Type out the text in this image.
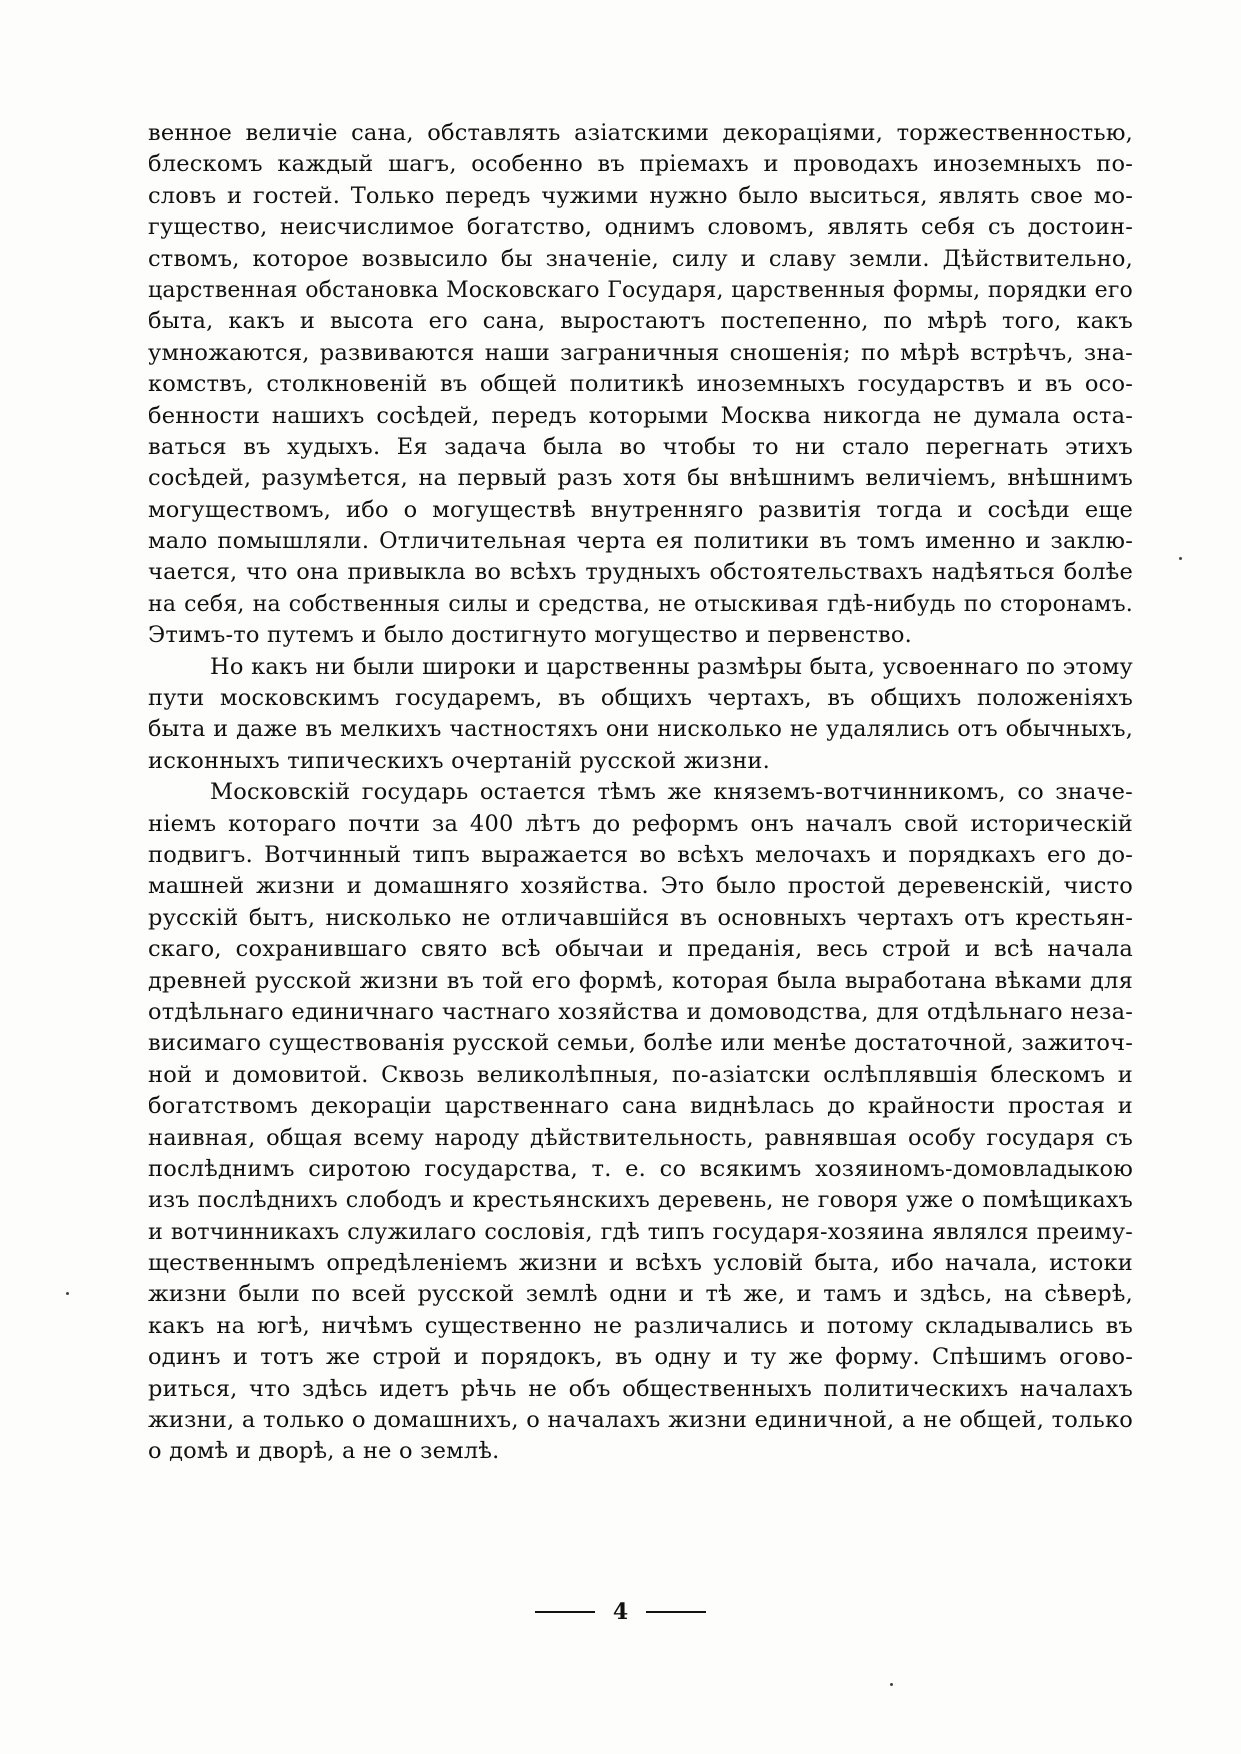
венное величіе сана, обставлять азіатскими декораціями, торжественностью,
блескомъ каждый шагъ, особенно въ пріемахъ и проводахъ иноземныхъ по-
словъ и гостей. Только передъ чужими нужно было выситься, являть свое мо-
гущество, неисчислимое богатство, однимъ словомъ, являть себя съ достоин-
ствомъ, которое возвысило бы значеніе, силу и славу земли. Дѣйствительно,
царственная обстановка Московскаго Государя, царственныя формы, порядки его
быта, какъ и высота его сана, выростаютъ постепенно, по мѣрѣ того, какъ
умножаются, развиваются наши заграничныя сношенія; по мѣрѣ встрѣчъ, зна-
комствъ, столкновеній въ общей политикѣ иноземныхъ государствъ и въ осо-
бенности нашихъ сосѣдей, передъ которыми Москва никогда не думала оста-
ваться въ худыхъ. Ея задача была во чтобы то ни стало перегнать этихъ
сосѣдей, разумѣется, на первый разъ хотя бы внѣшнимъ величіемъ, внѣшнимъ
могуществомъ, ибо о могуществѣ внутренняго развитія тогда и сосѣди еще
мало помышляли. Отличительная черта ея политики въ томъ именно и заклю-
чается, что она привыкла во всѣхъ трудныхъ обстоятельствахъ надѣяться болѣе
на себя, на собственныя силы и средства, не отыскивая гдѣ-нибудь по сторонамъ.
Этимъ-то путемъ и было достигнуто могущество и первенство.
Но какъ ни были широки и царственны размѣры быта, усвоеннаго по этому
пути московскимъ государемъ, въ общихъ чертахъ, въ общихъ положеніяхъ
быта и даже въ мелкихъ частностяхъ они нисколько не удалялись отъ обычныхъ,
исконныхъ типическихъ очертаній русской жизни.
Московскій государь остается тѣмъ же княземъ-вотчинникомъ, со значе-
ніемъ котораго почти за 400 лѣтъ до реформъ онъ началъ свой историческій
подвигъ. Вотчинный типъ выражается во всѣхъ мелочахъ и порядкахъ его до-
машней жизни и домашняго хозяйства. Это было простой деревенскій, чисто
русскій бытъ, нисколько не отличавшійся въ основныхъ чертахъ отъ крестьян-
скаго, сохранившаго свято всѣ обычаи и преданія, весь строй и всѣ начала
древней русской жизни въ той его формѣ, которая была выработана вѣками для
отдѣльнаго единичнаго частнаго хозяйства и домоводства, для отдѣльнаго неза-
висимаго существованія русской семьи, болѣе или менѣе достаточной, зажиточ-
ной и домовитой. Сквозь великолѣпныя, по-азіатски ослѣплявшія блескомъ и
богатствомъ декораціи царственнаго сана виднѣлась до крайности простая и
наивная, общая всему народу дѣйствительность, равнявшая особу государя съ
послѣднимъ сиротою государства, т. е. со всякимъ хозяиномъ-домовладыкою
изъ послѣднихъ слободъ и крестьянскихъ деревень, не говоря уже о помѣщикахъ
и вотчинникахъ служилаго сословія, гдѣ типъ государя-хозяина являлся преиму-
щественнымъ опредѣленіемъ жизни и всѣхъ условій быта, ибо начала, истоки
жизни были по всей русской землѣ одни и тѣ же, и тамъ и здѣсь, на сѣверѣ,
какъ на югѣ, ничѣмъ существенно не различались и потому складывались въ
одинъ и тотъ же строй и порядокъ, въ одну и ту же форму. Спѣшимъ огово-
риться, что здѣсь идетъ рѣчь не объ общественныхъ политическихъ началахъ
жизни, а только о домашнихъ, о началахъ жизни единичной, а не общей, только
о домѣ и дворѣ, а не о землѣ.
4
